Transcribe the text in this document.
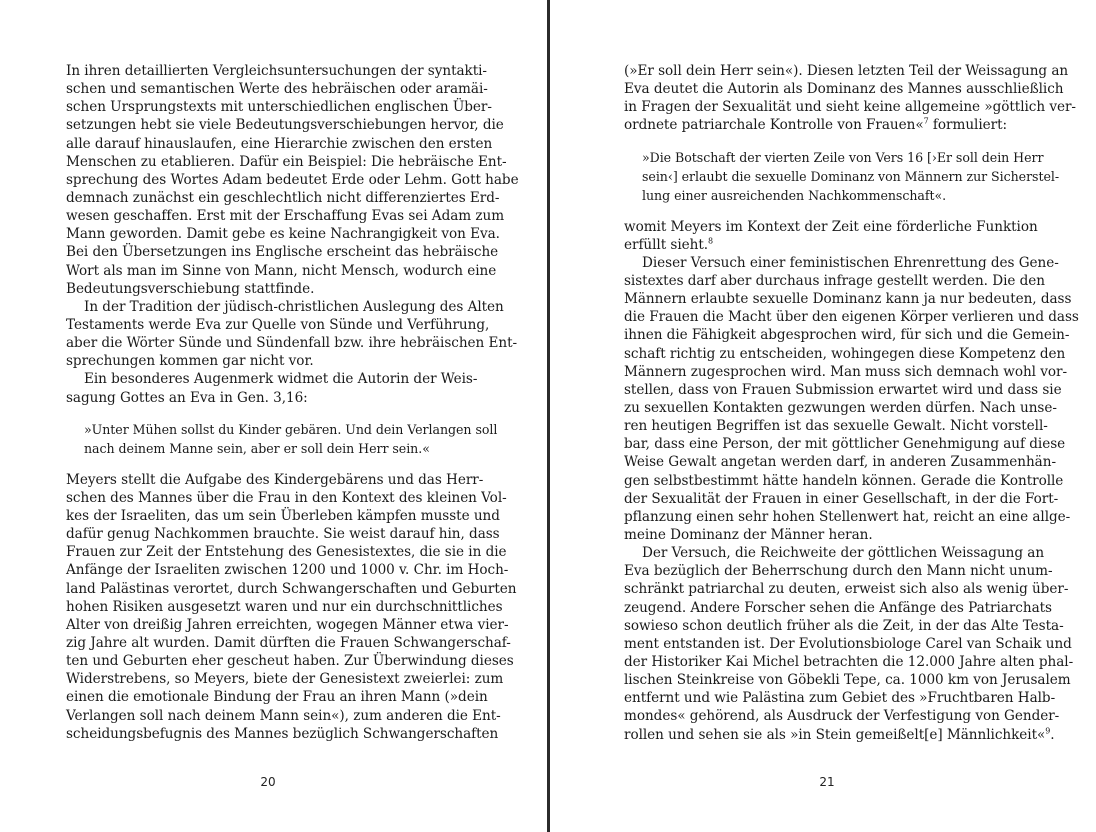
In ihren detaillierten Vergleichsuntersuchungen der syntakti-
schen und semantischen Werte des hebräischen oder aramäi-
schen Ursprungstexts mit unterschiedlichen englischen Über-
setzungen hebt sie viele Bedeutungsverschiebungen hervor, die
alle darauf hinauslaufen, eine Hierarchie zwischen den ersten
Menschen zu etablieren. Dafür ein Beispiel: Die hebräische Ent-
sprechung des Wortes Adam bedeutet Erde oder Lehm. Gott habe
demnach zunächst ein geschlechtlich nicht differenziertes Erd-
wesen geschaffen. Erst mit der Erschaffung Evas sei Adam zum
Mann geworden. Damit gebe es keine Nachrangigkeit von Eva.
Bei den Übersetzungen ins Englische erscheint das hebräische
Wort als man im Sinne von Mann, nicht Mensch, wodurch eine
Bedeutungsverschiebung stattfinde.
In der Tradition der jüdisch-christlichen Auslegung des Alten
Testaments werde Eva zur Quelle von Sünde und Verführung,
aber die Wörter Sünde und Sündenfall bzw. ihre hebräischen Ent-
sprechungen kommen gar nicht vor.
Ein besonderes Augenmerk widmet die Autorin der Weis-
sagung Gottes an Eva in Gen. 3,16:
»Unter Mühen sollst du Kinder gebären. Und dein Verlangen soll
nach deinem Manne sein, aber er soll dein Herr sein.«
Meyers stellt die Aufgabe des Kindergebärens und das Herr-
schen des Mannes über die Frau in den Kontext des kleinen Vol-
kes der Israeliten, das um sein Überleben kämpfen musste und
dafür genug Nachkommen brauchte. Sie weist darauf hin, dass
Frauen zur Zeit der Entstehung des Genesistextes, die sie in die
Anfänge der Israeliten zwischen 1200 und 1000 v. Chr. im Hoch-
land Palästinas verortet, durch Schwangerschaften und Geburten
hohen Risiken ausgesetzt waren und nur ein durchschnittliches
Alter von dreißig Jahren erreichten, wogegen Männer etwa vier-
zig Jahre alt wurden. Damit dürften die Frauen Schwangerschaf-
ten und Geburten eher gescheut haben. Zur Überwindung dieses
Widerstrebens, so Meyers, biete der Genesistext zweierlei: zum
einen die emotionale Bindung der Frau an ihren Mann (»dein
Verlangen soll nach deinem Mann sein«), zum anderen die Ent-
scheidungsbefugnis des Mannes bezüglich Schwangerschaften
20
(»Er soll dein Herr sein«). Diesen letzten Teil der Weissagung an
Eva deutet die Autorin als Dominanz des Mannes ausschließlich
in Fragen der Sexualität und sieht keine allgemeine »göttlich ver-
ordnete patriarchale Kontrolle von Frauen«$^7$ formuliert:
»Die Botschaft der vierten Zeile von Vers 16 [›Er soll dein Herr
sein‹] erlaubt die sexuelle Dominanz von Männern zur Sicherstel-
lung einer ausreichenden Nachkommenschaft«.
womit Meyers im Kontext der Zeit eine förderliche Funktion
erfüllt sieht.$^8$
Dieser Versuch einer feministischen Ehrenrettung des Gene-
sistextes darf aber durchaus infrage gestellt werden. Die den
Männern erlaubte sexuelle Dominanz kann ja nur bedeuten, dass
die Frauen die Macht über den eigenen Körper verlieren und dass
ihnen die Fähigkeit abgesprochen wird, für sich und die Gemein-
schaft richtig zu entscheiden, wohingegen diese Kompetenz den
Männern zugesprochen wird. Man muss sich demnach wohl vor-
stellen, dass von Frauen Submission erwartet wird und dass sie
zu sexuellen Kontakten gezwungen werden dürfen. Nach unse-
ren heutigen Begriffen ist das sexuelle Gewalt. Nicht vorstell-
bar, dass eine Person, der mit göttlicher Genehmigung auf diese
Weise Gewalt angetan werden darf, in anderen Zusammenhän-
gen selbstbestimmt hätte handeln können. Gerade die Kontrolle
der Sexualität der Frauen in einer Gesellschaft, in der die Fort-
pflanzung einen sehr hohen Stellenwert hat, reicht an eine allge-
meine Dominanz der Männer heran.
Der Versuch, die Reichweite der göttlichen Weissagung an
Eva bezüglich der Beherrschung durch den Mann nicht unum-
schränkt patriarchal zu deuten, erweist sich also als wenig über-
zeugend. Andere Forscher sehen die Anfänge des Patriarchats
sowieso schon deutlich früher als die Zeit, in der das Alte Testa-
ment entstanden ist. Der Evolutionsbiologe Carel van Schaik und
der Historiker Kai Michel betrachten die 12.000 Jahre alten phal-
lischen Steinkreise von Göbekli Tepe, ca. 1000 km von Jerusalem
entfernt und wie Palästina zum Gebiet des »Fruchtbaren Halb-
mondes« gehörend, als Ausdruck der Verfestigung von Gender-
rollen und sehen sie als »in Stein gemeißelt[e] Männlichkeit«$^9$.
21
